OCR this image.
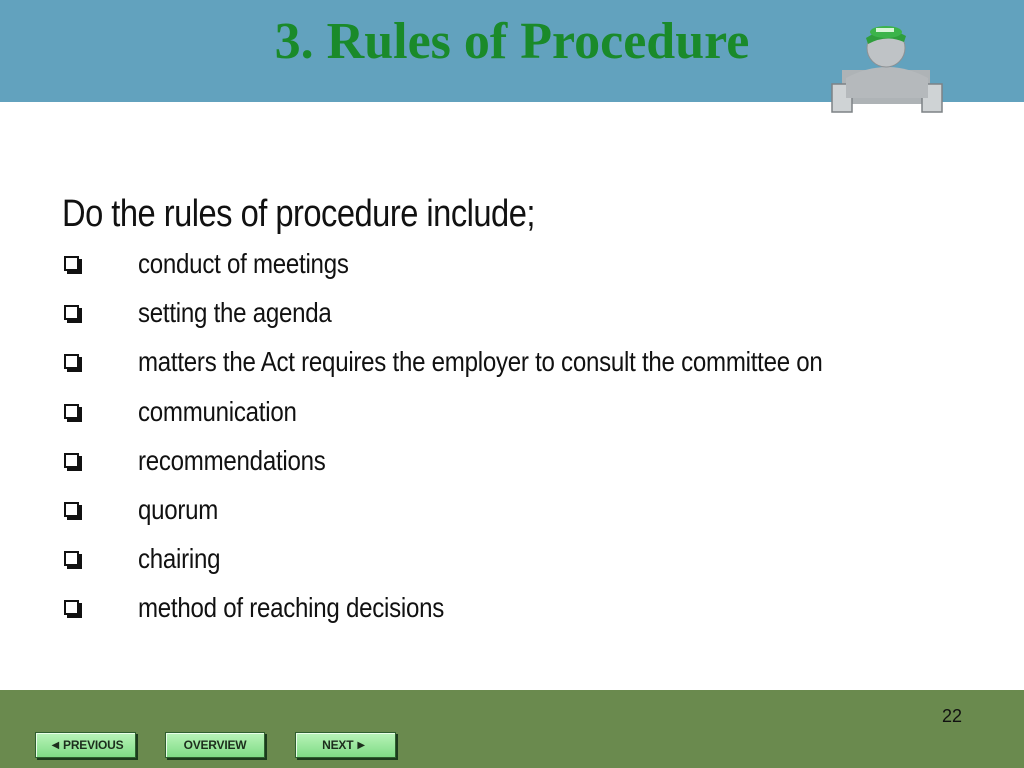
3. Rules of Procedure
Do the rules of procedure include;
conduct of meetings
setting the agenda
matters the Act requires the employer to consult the committee on
communication
recommendations
quorum
chairing
method of reaching decisions
22
◀ PREVIOUS	OVERVIEW	NEXT ▶
